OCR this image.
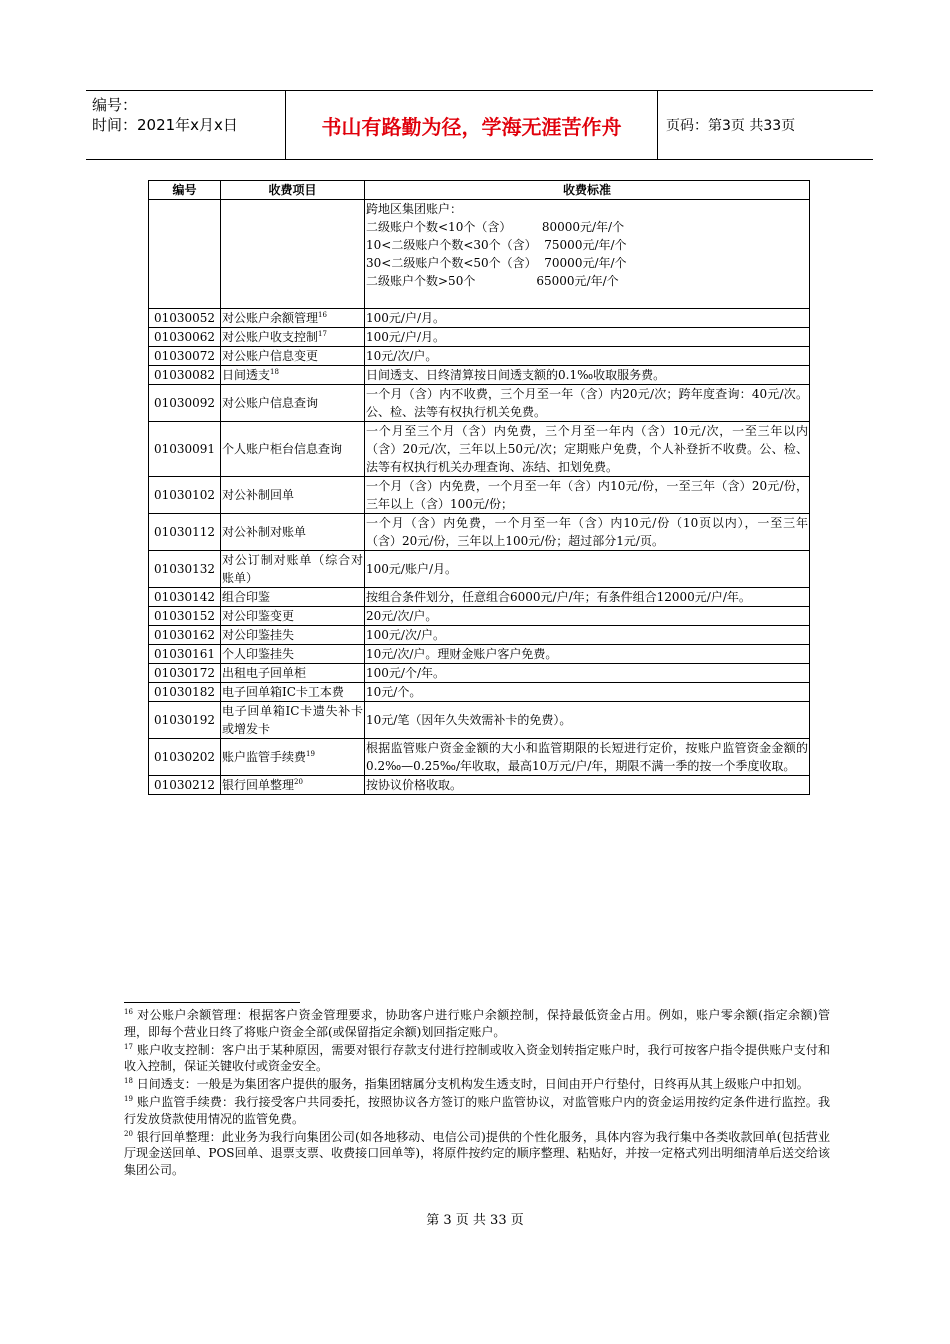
编号：
时间：2021年x月x日	书山有路勤为径，学海无涯苦作舟	页码：第3页 共33页
编号	收费项目	收费标准

		跨地区集团账户：
二级账户个数<10个（含）        80000元/年/个
10<二级账户个数<30个（含）  75000元/年/个
30<二级账户个数<50个（含）  70000元/年/个
二级账户个数>50个                65000元/年/个

01030052	对公账户余额管理$^{16}$	100元/户/月。
01030062	对公账户收支控制$^{17}$	100元/户/月。
01030072	对公账户信息变更	10元/次/户。
01030082	日间透支$^{18}$	日间透支、日终清算按日间透支额的0.1‰收取服务费。
01030092	对公账户信息查询	一个月（含）内不收费，三个月至一年（含）内20元/次；跨年度查询：40元/次。公、检、法等有权执行机关免费。
01030091	个人账户柜台信息查询	一个月至三个月（含）内免费，三个月至一年内（含）10元/次，一至三年以内（含）20元/次，三年以上50元/次；定期账户免费，个人补登折不收费。公、检、法等有权执行机关办理查询、冻结、扣划免费。
01030102	对公补制回单	一个月（含）内免费，一个月至一年（含）内10元/份，一至三年（含）20元/份，三年以上（含）100元/份；
01030112	对公补制对账单	一个月（含）内免费，一个月至一年（含）内10元/份（10页以内），一至三年（含）20元/份，三年以上100元/份；超过部分1元/页。
01030132	对公订制对账单（综合对账单）	100元/账户/月。
01030142	组合印鉴	按组合条件划分，任意组合6000元/户/年；有条件组合12000元/户/年。
01030152	对公印鉴变更	20元/次/户。
01030162	对公印鉴挂失	100元/次/户。
01030161	个人印鉴挂失	10元/次/户。理财金账户客户免费。
01030172	出租电子回单柜	100元/个/年。
01030182	电子回单箱IC卡工本费	10元/个。
01030192	电子回单箱IC卡遗失补卡或增发卡	10元/笔（因年久失效需补卡的免费）。
01030202	账户监管手续费$^{19}$	根据监管账户资金金额的大小和监管期限的长短进行定价，按账户监管资金金额的0.2‰—0.25‰/年收取，最高10万元/户/年，期限不满一季的按一个季度收取。
01030212	银行回单整理$^{20}$	按协议价格收取。
$^{16}$ 对公账户余额管理：根据客户资金管理要求，协助客户进行账户余额控制，保持最低资金占用。例如，账户零余额(指定余额)管理，即每个营业日终了将账户资金全部(或保留指定余额)划回指定账户。
$^{17}$ 账户收支控制：客户出于某种原因，需要对银行存款支付进行控制或收入资金划转指定账户时，我行可按客户指令提供账户支付和收入控制，保证关键收付或资金安全。
$^{18}$ 日间透支：一般是为集团客户提供的服务，指集团辖属分支机构发生透支时，日间由开户行垫付，日终再从其上级账户中扣划。
$^{19}$ 账户监管手续费：我行接受客户共同委托，按照协议各方签订的账户监管协议，对监管账户内的资金运用按约定条件进行监控。我行发放贷款使用情况的监管免费。
$^{20}$ 银行回单整理：此业务为我行向集团公司(如各地移动、电信公司)提供的个性化服务，具体内容为我行集中各类收款回单(包括营业厅现金送回单、POS回单、退票支票、收费接口回单等)，将原件按约定的顺序整理、粘贴好，并按一定格式列出明细清单后送交给该集团公司。
第 3 页 共 33 页
